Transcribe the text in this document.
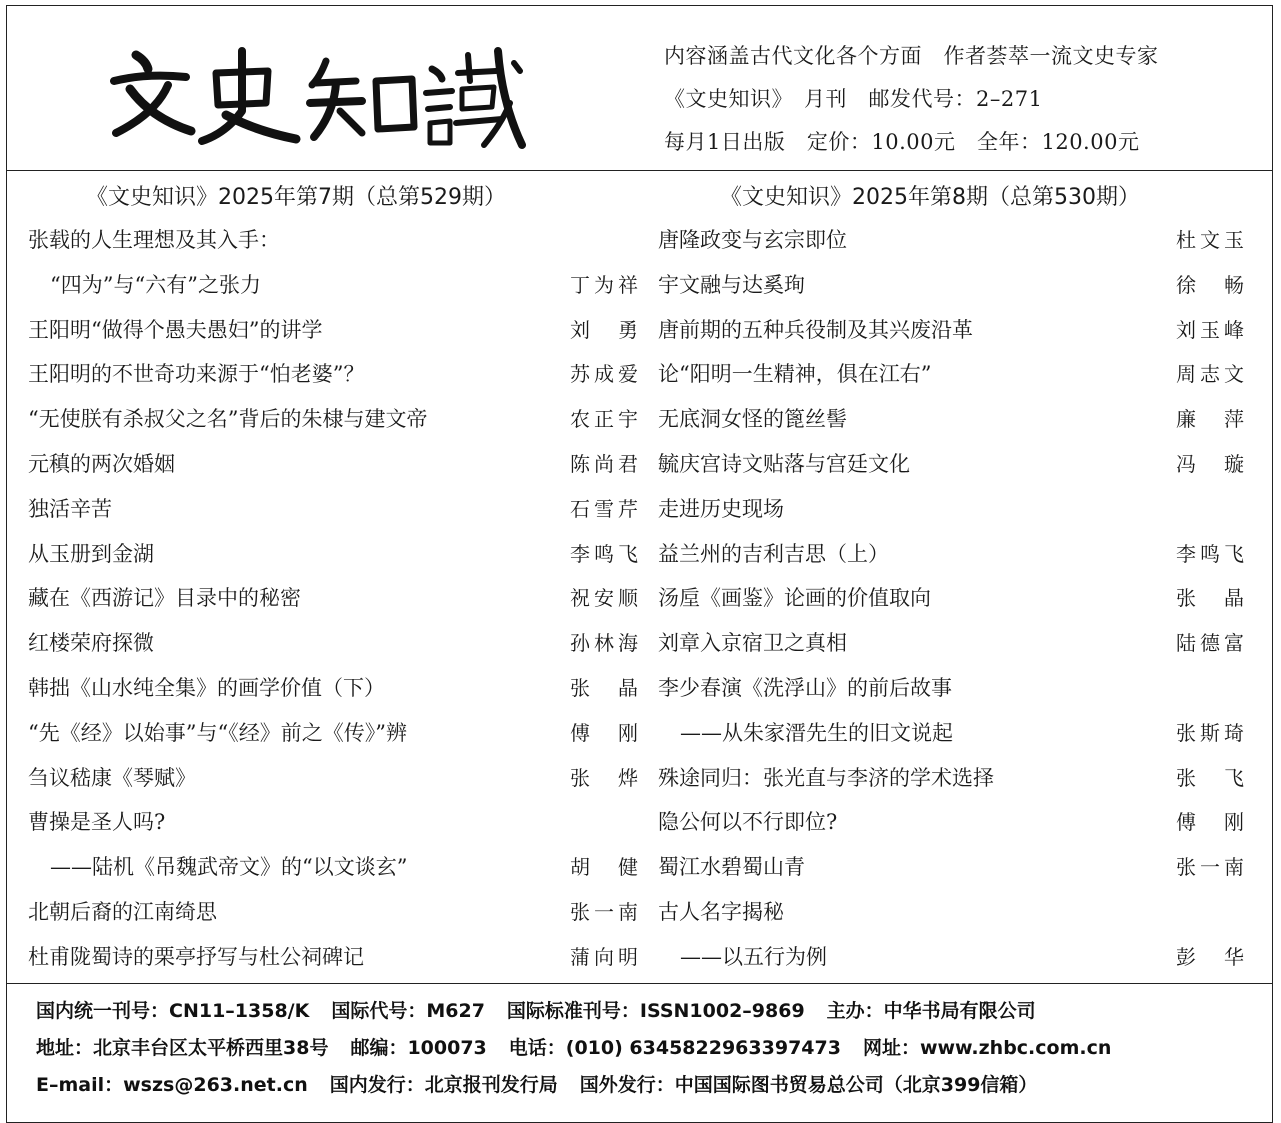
内容涵盖古代文化各个方面　作者荟萃一流文史专家
《文史知识》　月刊　邮发代号：2–271
每月1日出版　定价：10.00元　全年：120.00元
《文史知识》2025年第7期（总第529期）
张载的人生理想及其入手：
“四为”与“六有”之张力	丁为祥
王阳明“做得个愚夫愚妇”的讲学	刘　勇
王阳明的不世奇功来源于“怕老婆”？	苏成爱
“无使朕有杀叔父之名”背后的朱棣与建文帝	农正宇
元稹的两次婚姻	陈尚君
独活辛苦	石雪芹
从玉册到金湖	李鸣飞
藏在《西游记》目录中的秘密	祝安顺
红楼荣府探微	孙林海
韩拙《山水纯全集》的画学价值（下）	张　晶
“先《经》以始事”与“《经》前之《传》”辨	傅　刚
刍议嵇康《琴赋》	张　烨
曹操是圣人吗?
——陆机《吊魏武帝文》的“以文谈玄”	胡　健
北朝后裔的江南绮思	张一南
杜甫陇蜀诗的栗亭抒写与杜公祠碑记	蒲向明
《文史知识》2025年第8期（总第530期）
唐隆政变与玄宗即位	杜文玉
宇文融与达奚珣	徐　畅
唐前期的五种兵役制及其兴废沿革	刘玉峰
论“阳明一生精神，俱在江右”	周志文
无底洞女怪的篦丝髻	廉　萍
毓庆宫诗文贴落与宫廷文化	冯　璇
走进历史现场
益兰州的吉利吉思（上）	李鸣飞
汤垕《画鉴》论画的价值取向	张　晶
刘章入京宿卫之真相	陆德富
李少春演《洗浮山》的前后故事
——从朱家溍先生的旧文说起	张斯琦
殊途同归：张光直与李济的学术选择	张　飞
隐公何以不行即位?	傅　刚
蜀江水碧蜀山青	张一南
古人名字揭秘
——以五行为例	彭　华
国内统一刊号：CN11–1358/K 国际代号：M627 国际标准刊号：ISSN1002–9869 主办：中华书局有限公司
地址：北京丰台区太平桥西里38号 邮编：100073 电话：(010) 6345822963397473 网址：www.zhbc.com.cn
E–mail：wszs@263.net.cn 国内发行：北京报刊发行局 国外发行：中国国际图书贸易总公司（北京399信箱）
